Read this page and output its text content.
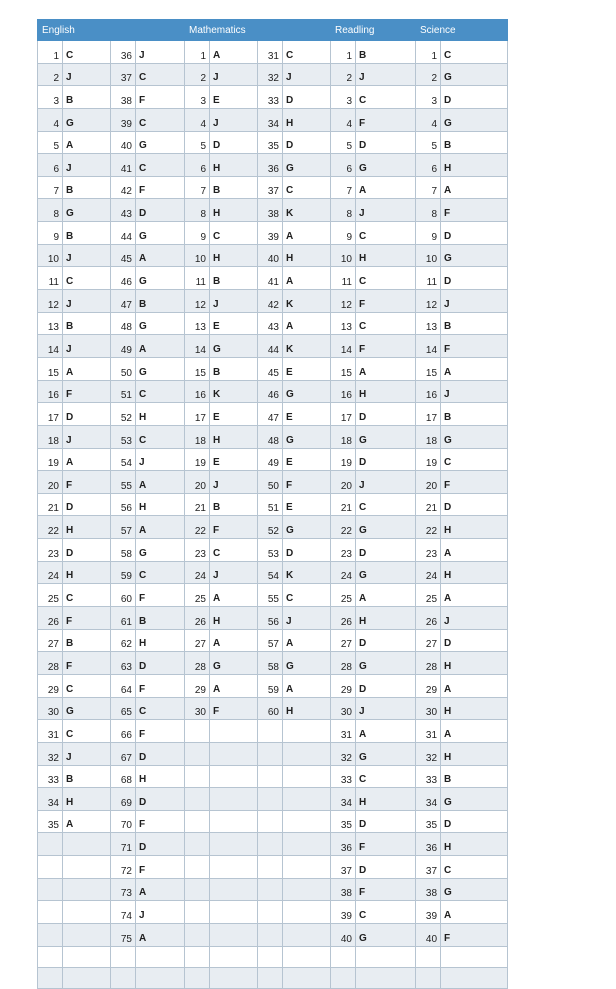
English				Mathematics				Readling		Science	
1	C	36	J	1	A	31	C	1	B	1	C
2	J	37	C	2	J	32	J	2	J	2	G
3	B	38	F	3	E	33	D	3	C	3	D
4	G	39	C	4	J	34	H	4	F	4	G
5	A	40	G	5	D	35	D	5	D	5	B
6	J	41	C	6	H	36	G	6	G	6	H
7	B	42	F	7	B	37	C	7	A	7	A
8	G	43	D	8	H	38	K	8	J	8	F
9	B	44	G	9	C	39	A	9	C	9	D
10	J	45	A	10	H	40	H	10	H	10	G
11	C	46	G	11	B	41	A	11	C	11	D
12	J	47	B	12	J	42	K	12	F	12	J
13	B	48	G	13	E	43	A	13	C	13	B
14	J	49	A	14	G	44	K	14	F	14	F
15	A	50	G	15	B	45	E	15	A	15	A
16	F	51	C	16	K	46	G	16	H	16	J
17	D	52	H	17	E	47	E	17	D	17	B
18	J	53	C	18	H	48	G	18	G	18	G
19	A	54	J	19	E	49	E	19	D	19	C
20	F	55	A	20	J	50	F	20	J	20	F
21	D	56	H	21	B	51	E	21	C	21	D
22	H	57	A	22	F	52	G	22	G	22	H
23	D	58	G	23	C	53	D	23	D	23	A
24	H	59	C	24	J	54	K	24	G	24	H
25	C	60	F	25	A	55	C	25	A	25	A
26	F	61	B	26	H	56	J	26	H	26	J
27	B	62	H	27	A	57	A	27	D	27	D
28	F	63	D	28	G	58	G	28	G	28	H
29	C	64	F	29	A	59	A	29	D	29	A
30	G	65	C	30	F	60	H	30	J	30	H
31	C	66	F					31	A	31	A
32	J	67	D					32	G	32	H
33	B	68	H					33	C	33	B
34	H	69	D					34	H	34	G
35	A	70	F					35	D	35	D
		71	D					36	F	36	H
		72	F					37	D	37	C
		73	A					38	F	38	G
		74	J					39	C	39	A
		75	A					40	G	40	F
